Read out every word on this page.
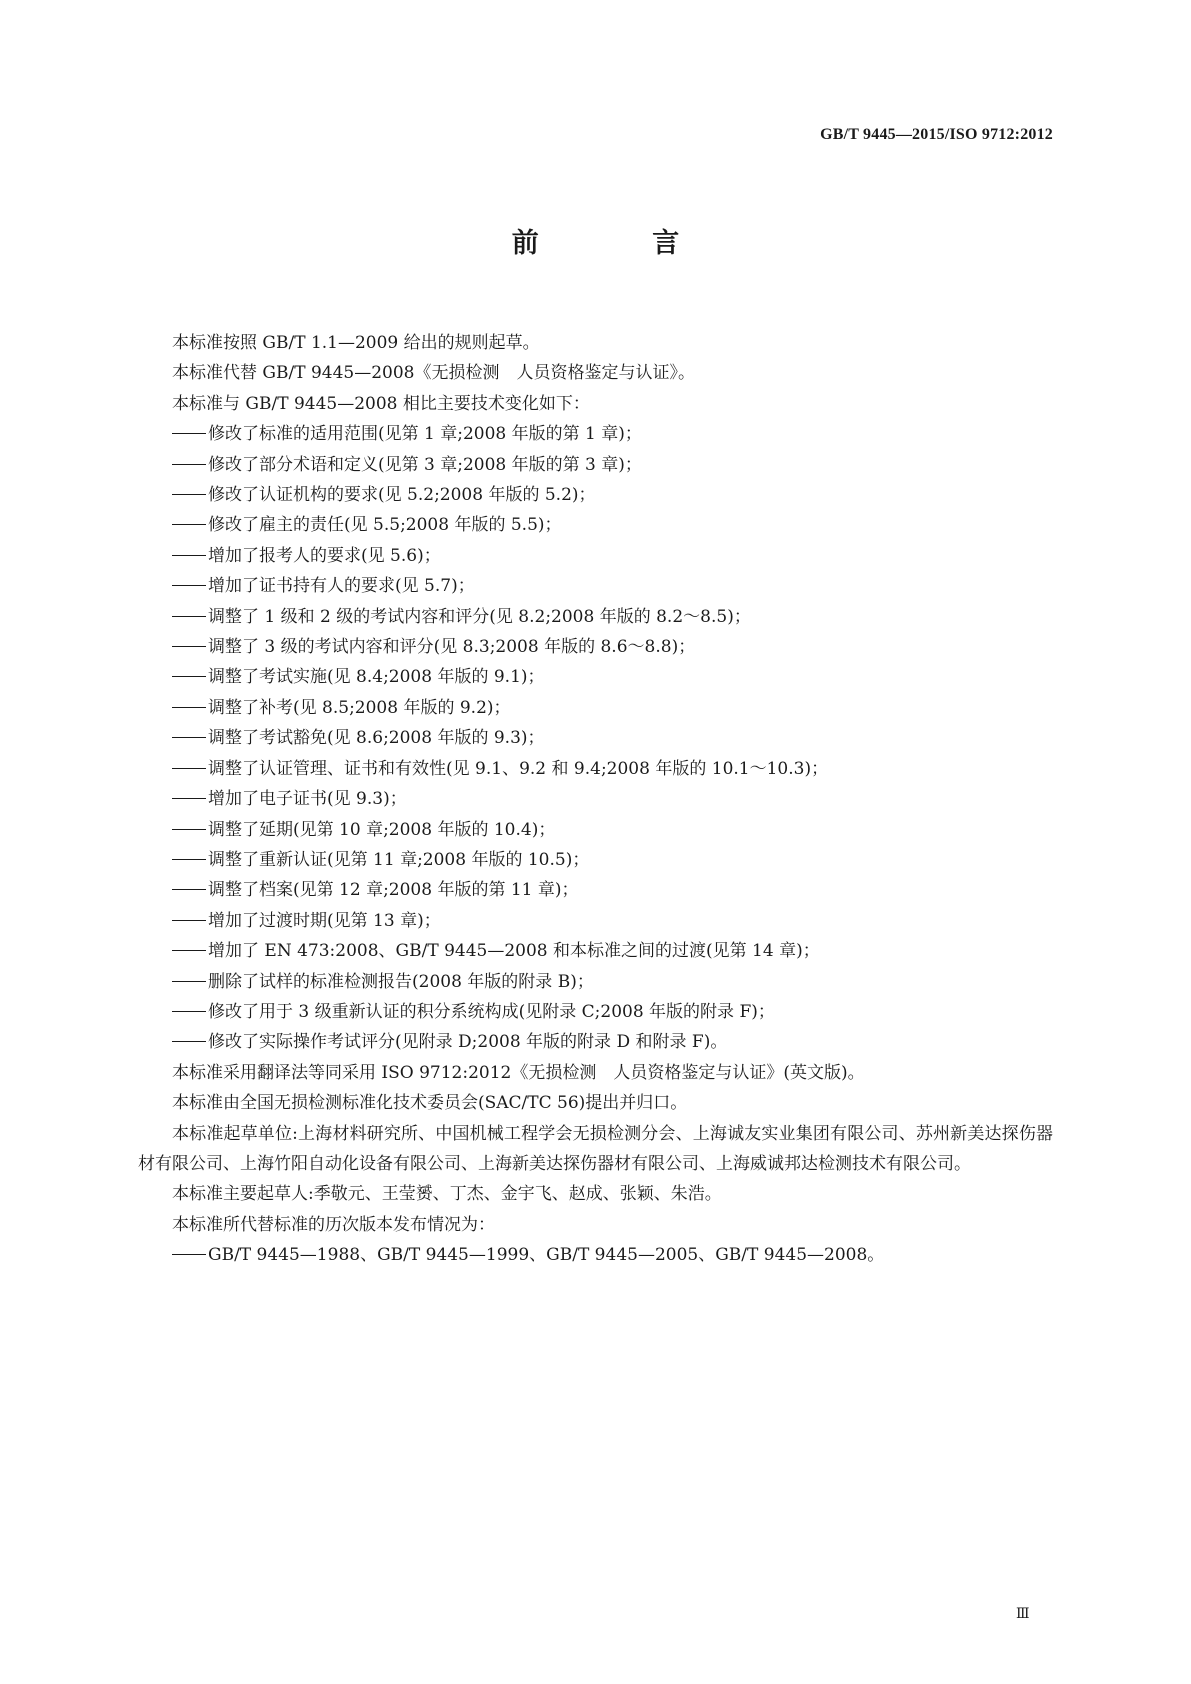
GB/T 9445—2015/ISO 9712:2012
前 言

本标准按照 GB/T 1.1—2009 给出的规则起草。

本标准代替 GB/T 9445—2008《无损检测　人员资格鉴定与认证》。

本标准与 GB/T 9445—2008 相比主要技术变化如下：

修改了标准的适用范围(见第 1 章;2008 年版的第 1 章)；

修改了部分术语和定义(见第 3 章;2008 年版的第 3 章)；

修改了认证机构的要求(见 5.2;2008 年版的 5.2)；

修改了雇主的责任(见 5.5;2008 年版的 5.5)；

增加了报考人的要求(见 5.6)；

增加了证书持有人的要求(见 5.7)；

调整了 1 级和 2 级的考试内容和评分(见 8.2;2008 年版的 8.2～8.5)；

调整了 3 级的考试内容和评分(见 8.3;2008 年版的 8.6～8.8)；

调整了考试实施(见 8.4;2008 年版的 9.1)；

调整了补考(见 8.5;2008 年版的 9.2)；

调整了考试豁免(见 8.6;2008 年版的 9.3)；

调整了认证管理、证书和有效性(见 9.1、9.2 和 9.4;2008 年版的 10.1～10.3)；

增加了电子证书(见 9.3)；

调整了延期(见第 10 章;2008 年版的 10.4)；

调整了重新认证(见第 11 章;2008 年版的 10.5)；

调整了档案(见第 12 章;2008 年版的第 11 章)；

增加了过渡时期(见第 13 章)；

增加了 EN 473:2008、GB/T 9445—2008 和本标准之间的过渡(见第 14 章)；

删除了试样的标准检测报告(2008 年版的附录 B)；

修改了用于 3 级重新认证的积分系统构成(见附录 C;2008 年版的附录 F)；

修改了实际操作考试评分(见附录 D;2008 年版的附录 D 和附录 F)。

本标准采用翻译法等同采用 ISO 9712:2012《无损检测　人员资格鉴定与认证》(英文版)。

本标准由全国无损检测标准化技术委员会(SAC/TC 56)提出并归口。

本标准起草单位:上海材料研究所、中国机械工程学会无损检测分会、上海诚友实业集团有限公司、苏州新美达探伤器材有限公司、上海竹阳自动化设备有限公司、上海新美达探伤器材有限公司、上海威诚邦达检测技术有限公司。

本标准主要起草人:季敬元、王莹赟、丁杰、金宇飞、赵成、张颖、朱浩。

本标准所代替标准的历次版本发布情况为：

GB/T 9445—1988、GB/T 9445—1999、GB/T 9445—2005、GB/T 9445—2008。

Ⅲ
